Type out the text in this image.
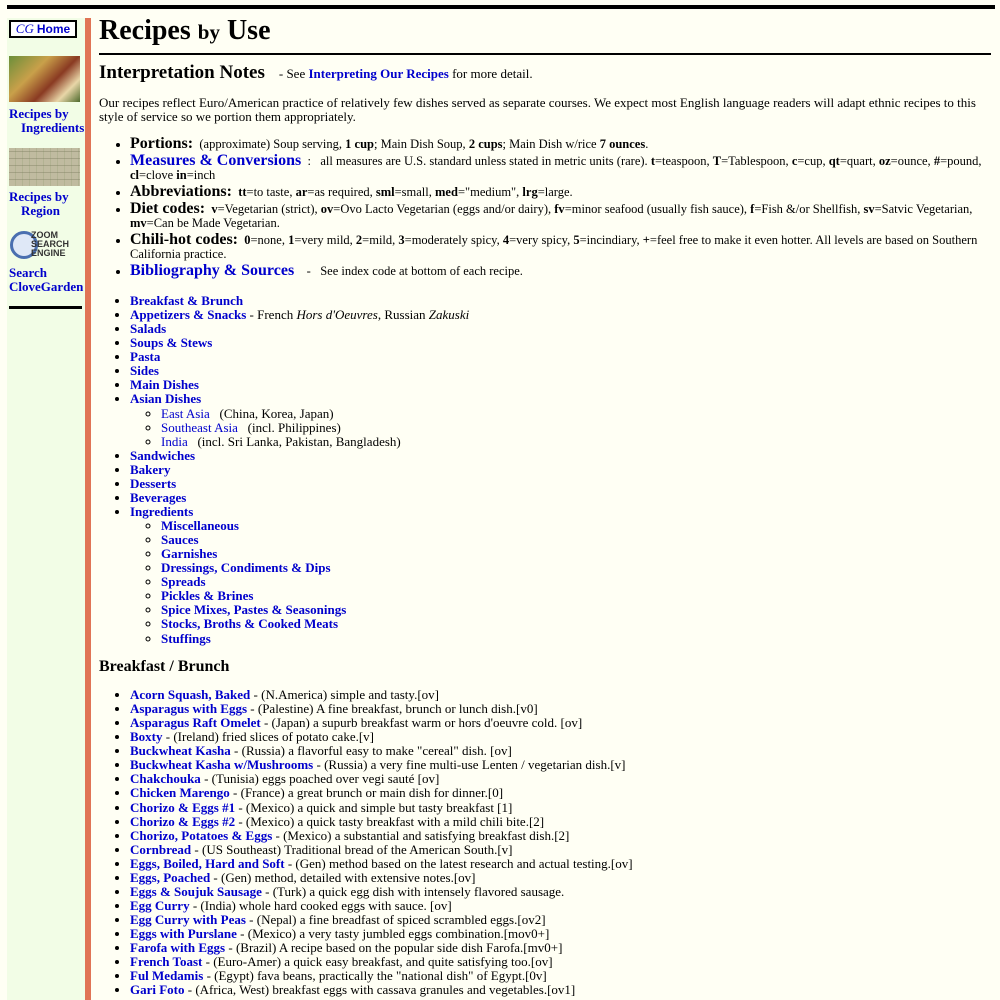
CG Home
Recipes by
Ingredients
Recipes by
Region
ZOOM
SEARCH
ENGINE
Search
CloveGarden
Recipes by Use
Interpretation Notes - See Interpreting Our Recipes for more detail.
Our recipes reflect Euro/American practice of relatively few dishes served as separate courses. We expect most English language readers will adapt ethnic recipes to this style of service so we portion them appropriately.
• Portions:  (approximate) Soup serving, 1 cup; Main Dish Soup, 2 cups; Main Dish w/rice 7 ounces.
• Measures & Conversions  :   all measures are U.S. standard unless stated in metric units (rare). t=teaspoon, T=Tablespoon, c=cup, qt=quart, oz=ounce, #=pound, cl=clove in=inch
• Abbreviations: tt=to taste, ar=as required, sml=small, med="medium", lrg=large.
• Diet codes: v=Vegetarian (strict), ov=Ovo Lacto Vegetarian (eggs and/or dairy), fv=minor seafood (usually fish sauce), f=Fish &/or Shellfish, sv=Satvic Vegetarian, mv=Can be Made Vegetarian.
• Chili-hot codes: 0=none, 1=very mild, 2=mild, 3=moderately spicy, 4=very spicy, 5=incindiary, +=feel free to make it even hotter. All levels are based on Southern California practice.
• Bibliography & Sources    -   See index code at bottom of each recipe.
• Breakfast & Brunch
• Appetizers & Snacks - French Hors d'Oeuvres, Russian Zakuski
• Salads
• Soups & Stews
• Pasta
• Sides
• Main Dishes
• Asian Dishes
◦ East Asia   (China, Korea, Japan)
◦ Southeast Asia   (incl. Philippines)
◦ India   (incl. Sri Lanka, Pakistan, Bangladesh)
• Sandwiches
• Bakery
• Desserts
• Beverages
• Ingredients
◦ Miscellaneous
◦ Sauces
◦ Garnishes
◦ Dressings, Condiments & Dips
◦ Spreads
◦ Pickles & Brines
◦ Spice Mixes, Pastes & Seasonings
◦ Stocks, Broths & Cooked Meats
◦ Stuffings
Breakfast / Brunch
• Acorn Squash, Baked - (N.America) simple and tasty.[ov]
• Asparagus with Eggs - (Palestine) A fine breakfast, brunch or lunch dish.[v0]
• Asparagus Raft Omelet - (Japan) a supurb breakfast warm or hors d'oeuvre cold. [ov]
• Boxty - (Ireland) fried slices of potato cake.[v]
• Buckwheat Kasha - (Russia) a flavorful easy to make "cereal" dish. [ov]
• Buckwheat Kasha w/Mushrooms - (Russia) a very fine multi-use Lenten / vegetarian dish.[v]
• Chakchouka - (Tunisia) eggs poached over vegi sauté [ov]
• Chicken Marengo - (France) a great brunch or main dish for dinner.[0]
• Chorizo & Eggs #1 - (Mexico) a quick and simple but tasty breakfast [1]
• Chorizo & Eggs #2 - (Mexico) a quick tasty breakfast with a mild chili bite.[2]
• Chorizo, Potatoes & Eggs - (Mexico) a substantial and satisfying breakfast dish.[2]
• Cornbread - (US Southeast) Traditional bread of the American South.[v]
• Eggs, Boiled, Hard and Soft - (Gen) method based on the latest research and actual testing.[ov]
• Eggs, Poached - (Gen) method, detailed with extensive notes.[ov]
• Eggs & Soujuk Sausage - (Turk) a quick egg dish with intensely flavored sausage.
• Egg Curry - (India) whole hard cooked eggs with sauce. [ov]
• Egg Curry with Peas - (Nepal) a fine breadfast of spiced scrambled eggs.[ov2]
• Eggs with Purslane - (Mexico) a very tasty jumbled eggs combination.[mov0+]
• Farofa with Eggs - (Brazil) A recipe based on the popular side dish Farofa.[mv0+]
• French Toast - (Euro-Amer) a quick easy breakfast, and quite satisfying too.[ov]
• Ful Medamis - (Egypt) fava beans, practically the "national dish" of Egypt.[0v]
• Gari Foto - (Africa, West) breakfast eggs with cassava granules and vegetables.[ov1]
